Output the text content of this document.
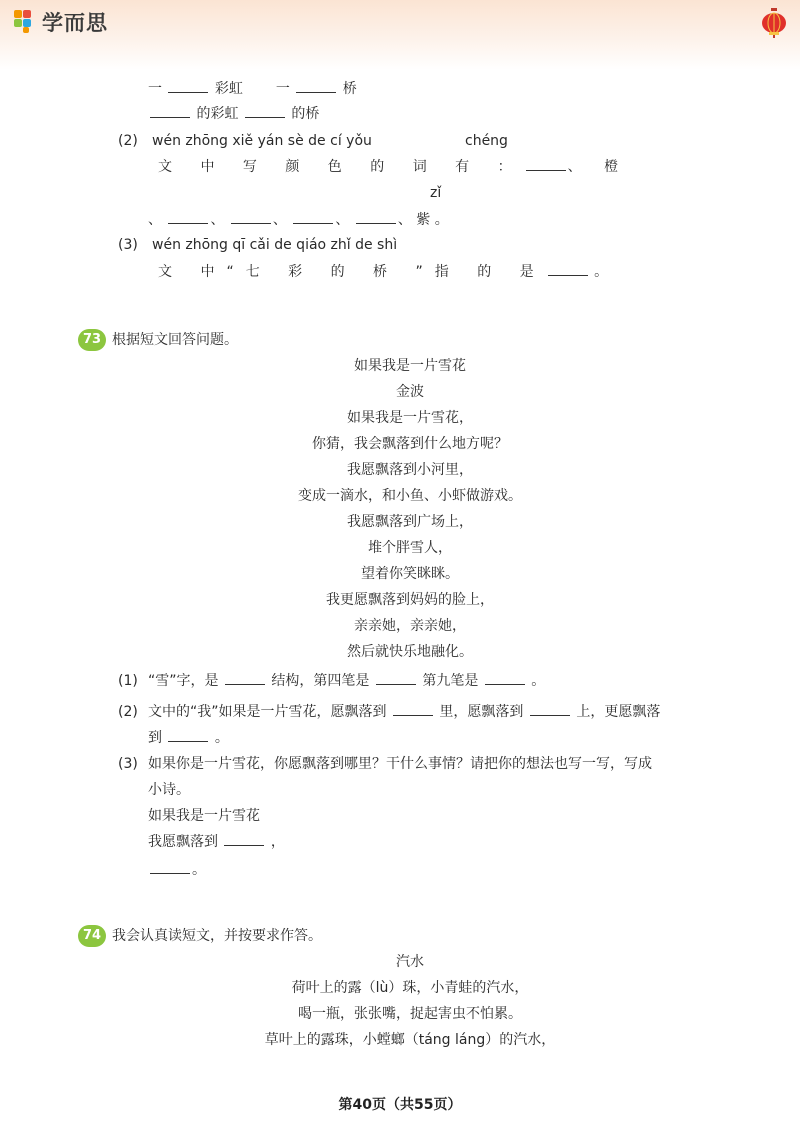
学而思
一	彩虹 一	桥
的彩虹	的桥
(2) wén zhōng xiě yán sè de cí yǒu	chéng
文 中 写 颜 色 的 词 有 ：	、 橙
zǐ
、	、	、	、	、 紫 。
(3) wén zhōng qī cǎi de qiáo zhǐ de shì
文 中“七 彩 的 桥 ”指 的 是	。
73 根据短文回答问题。
如果我是一片雪花
金波
如果我是一片雪花，
你猜，我会飘落到什么地方呢？
我愿飘落到小河里，
变成一滴水，和小鱼、小虾做游戏。
我愿飘落到广场上，
堆个胖雪人，
望着你笑眯眯。
我更愿飘落到妈妈的脸上，
亲亲她，亲亲她，
然后就快乐地融化。
(1) “雪”字，是	结构，第四笔是	第九笔是	。
(2) 文中的“我”如果是一片雪花，愿飘落到	里，愿飘落到	上，更愿飘落
到	。
(3) 如果你是一片雪花，你愿飘落到哪里？干什么事情？请把你的想法也写一写，写成
小诗。
如果我是一片雪花
我愿飘落到	，
。
74 我会认真读短文，并按要求作答。
汽水
荷叶上的露（lù）珠，小青蛙的汽水，
喝一瓶，张张嘴，捉起害虫不怕累。
草叶上的露珠，小螳螂（táng láng）的汽水，
第40页（共55页）
